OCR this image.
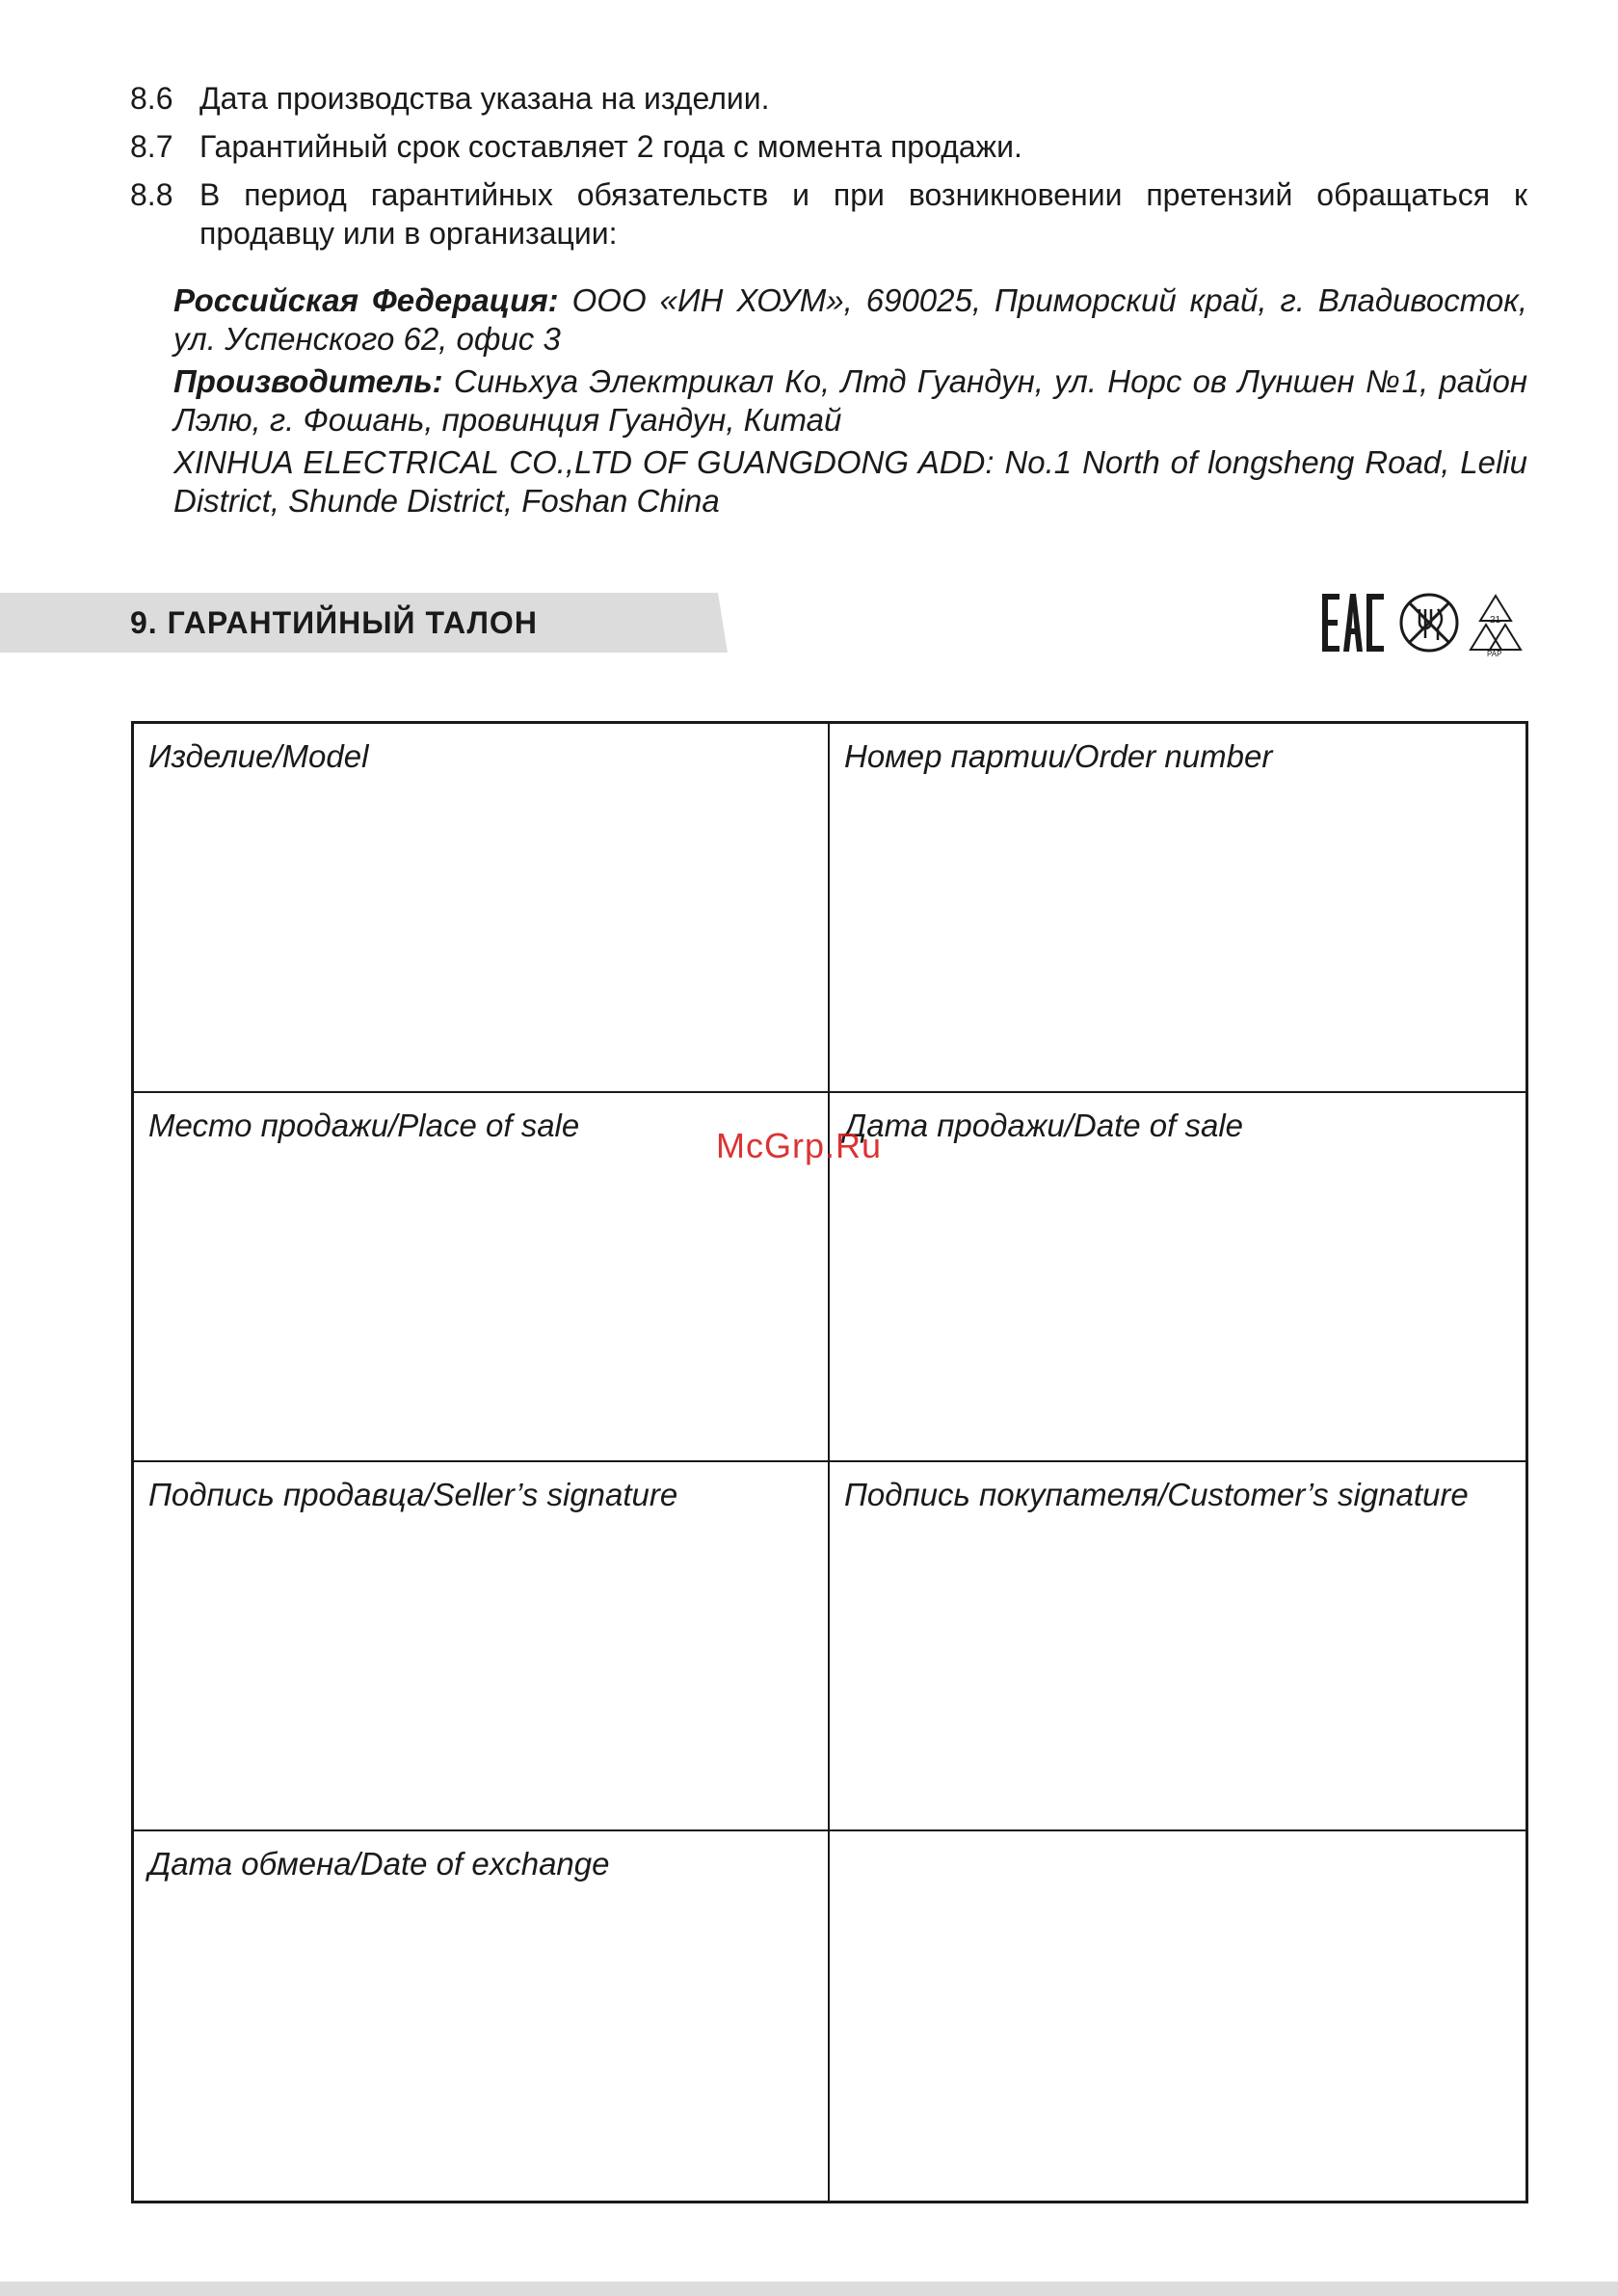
8.6 Дата производства указана на изделии.
8.7 Гарантийный срок составляет 2 года с момента продажи.
8.8 В период гарантийных обязательств и при возникновении претензий обращаться к продавцу или в организации:

Российская Федерация: ООО «ИН ХОУМ», 690025, Приморский край, г. Владивосток, ул. Успенского 62, офис 3

Производитель: Синьхуа Электрикал Ко, Лтд Гуандун, ул. Норс ов Луншен №1, район Лэлю, г. Фошань, провинция Гуандун, Китай

XINHUA ELECTRICAL CO.,LTD OF GUANGDONG ADD: No.1 North of longsheng Road, Leliu District, Shunde District, Foshan China

9. ГАРАНТИЙНЫЙ ТАЛОН	21
PAP
Изделие/Model	Номер партии/Order number
Место продажи/Place of sale	Дата продажи/Date of sale
Подпись продавца/Seller’s signature	Подпись покупателя/Customer’s signature
Дата обмена/Date of exchange
McGrp.Ru
